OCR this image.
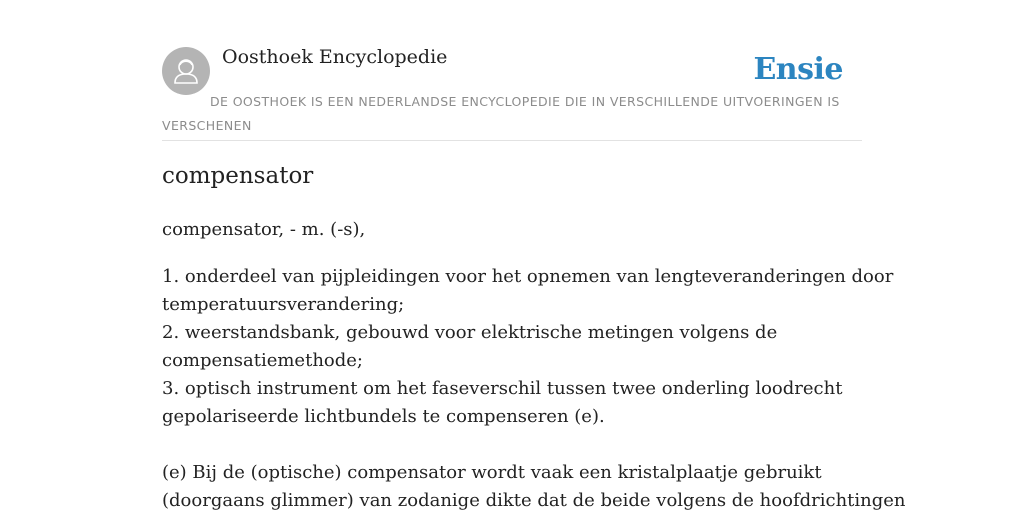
Oosthoek Encyclopedie	Ensie
DE OOSTHOEK IS EEN NEDERLANDSE ENCYCLOPEDIE DIE IN VERSCHILLENDE UITVOERINGEN IS VERSCHENEN
compensator
compensator, - m. (-s),
1. onderdeel van pijpleidingen voor het opnemen van lengteveranderingen door
temperatuursverandering;
2. weerstandsbank, gebouwd voor elektrische metingen volgens de
compensatiemethode;
3. optisch instrument om het faseverschil tussen twee onderling loodrecht
gepolariseerde lichtbundels te compenseren (e).
(e) Bij de (optische) compensator wordt vaak een kristalplaatje gebruikt
(doorgaans glimmer) van zodanige dikte dat de beide volgens de hoofdrichtingen
